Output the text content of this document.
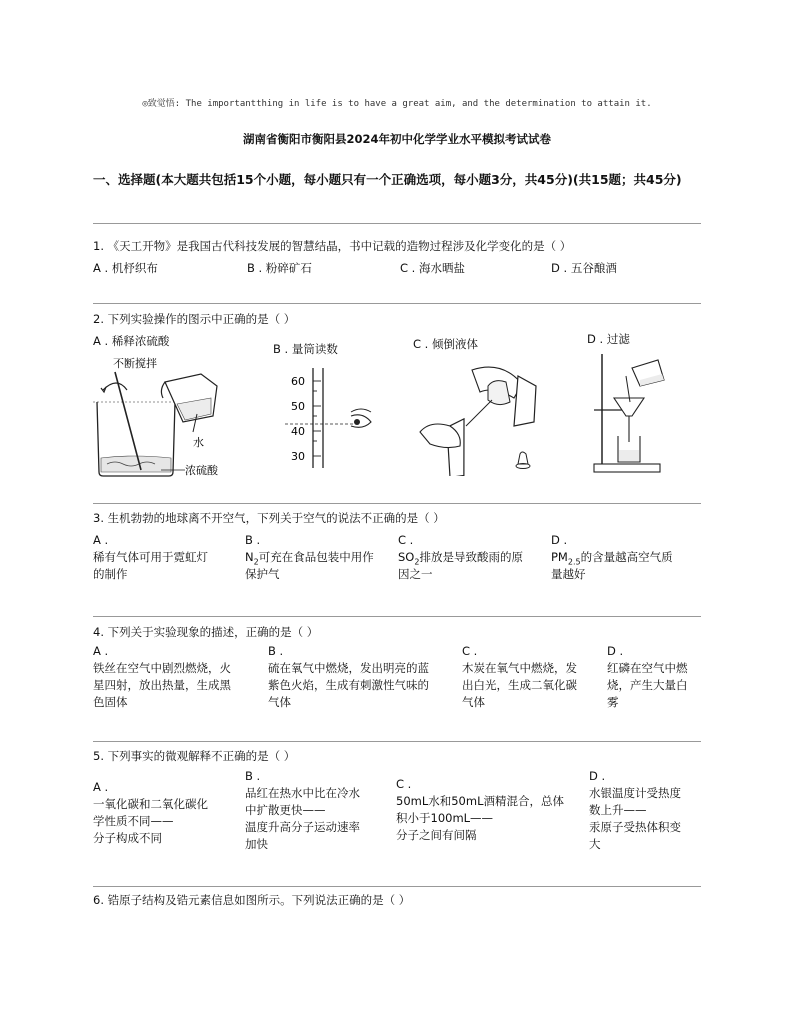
◎致觉悟: The importantthing in life is to have a great aim, and the determination to attain it.
湖南省衡阳市衡阳县2024年初中化学学业水平模拟考试试卷
一、选择题(本大题共包括15个小题，每小题只有一个正确选项，每小题3分，共45分)(共15题；共45分)
1. 《天工开物》是我国古代科技发展的智慧结晶，书中记载的造物过程涉及化学变化的是（ ）
A . 机杼织布	B . 粉碎矿石	C . 海水晒盐	D . 五谷酿酒
2. 下列实验操作的图示中正确的是（ ）
A . 稀释浓硫酸
B . 量筒读数	C . 倾倒液体	D . 过滤
不断搅拌
水
浓硫酸
60
50
40
30
3. 生机勃勃的地球离不开空气，下列关于空气的说法不正确的是（ ）
A .
稀有气体可用于霓虹灯
的制作
B .
$N_2$可充在食品包装中用作
保护气
C .
$SO_2$排放是导致酸雨的原
因之一
D .
$PM_{2.5}$的含量越高空气质
量越好
4. 下列关于实验现象的描述，正确的是（ ）
A .
铁丝在空气中剧烈燃烧，火
星四射，放出热量，生成黑
色固体
B .
硫在氧气中燃烧，发出明亮的蓝
紫色火焰，生成有刺激性气味的
气体
C .
木炭在氧气中燃烧，发
出白光，生成二氧化碳
气体
D .
红磷在空气中燃
烧，产生大量白
雾
5. 下列事实的微观解释不正确的是（ ）
A .
一氧化碳和二氧化碳化
学性质不同——
分子构成不同
B .
品红在热水中比在冷水
中扩散更快——
温度升高分子运动速率
加快
C .
50mL水和50mL酒精混合，总体
积小于100mL——
分子之间有间隔
D .
水银温度计受热度
数上升——
汞原子受热体积变
大
6. 锆原子结构及锆元素信息如图所示。下列说法正确的是（ ）
